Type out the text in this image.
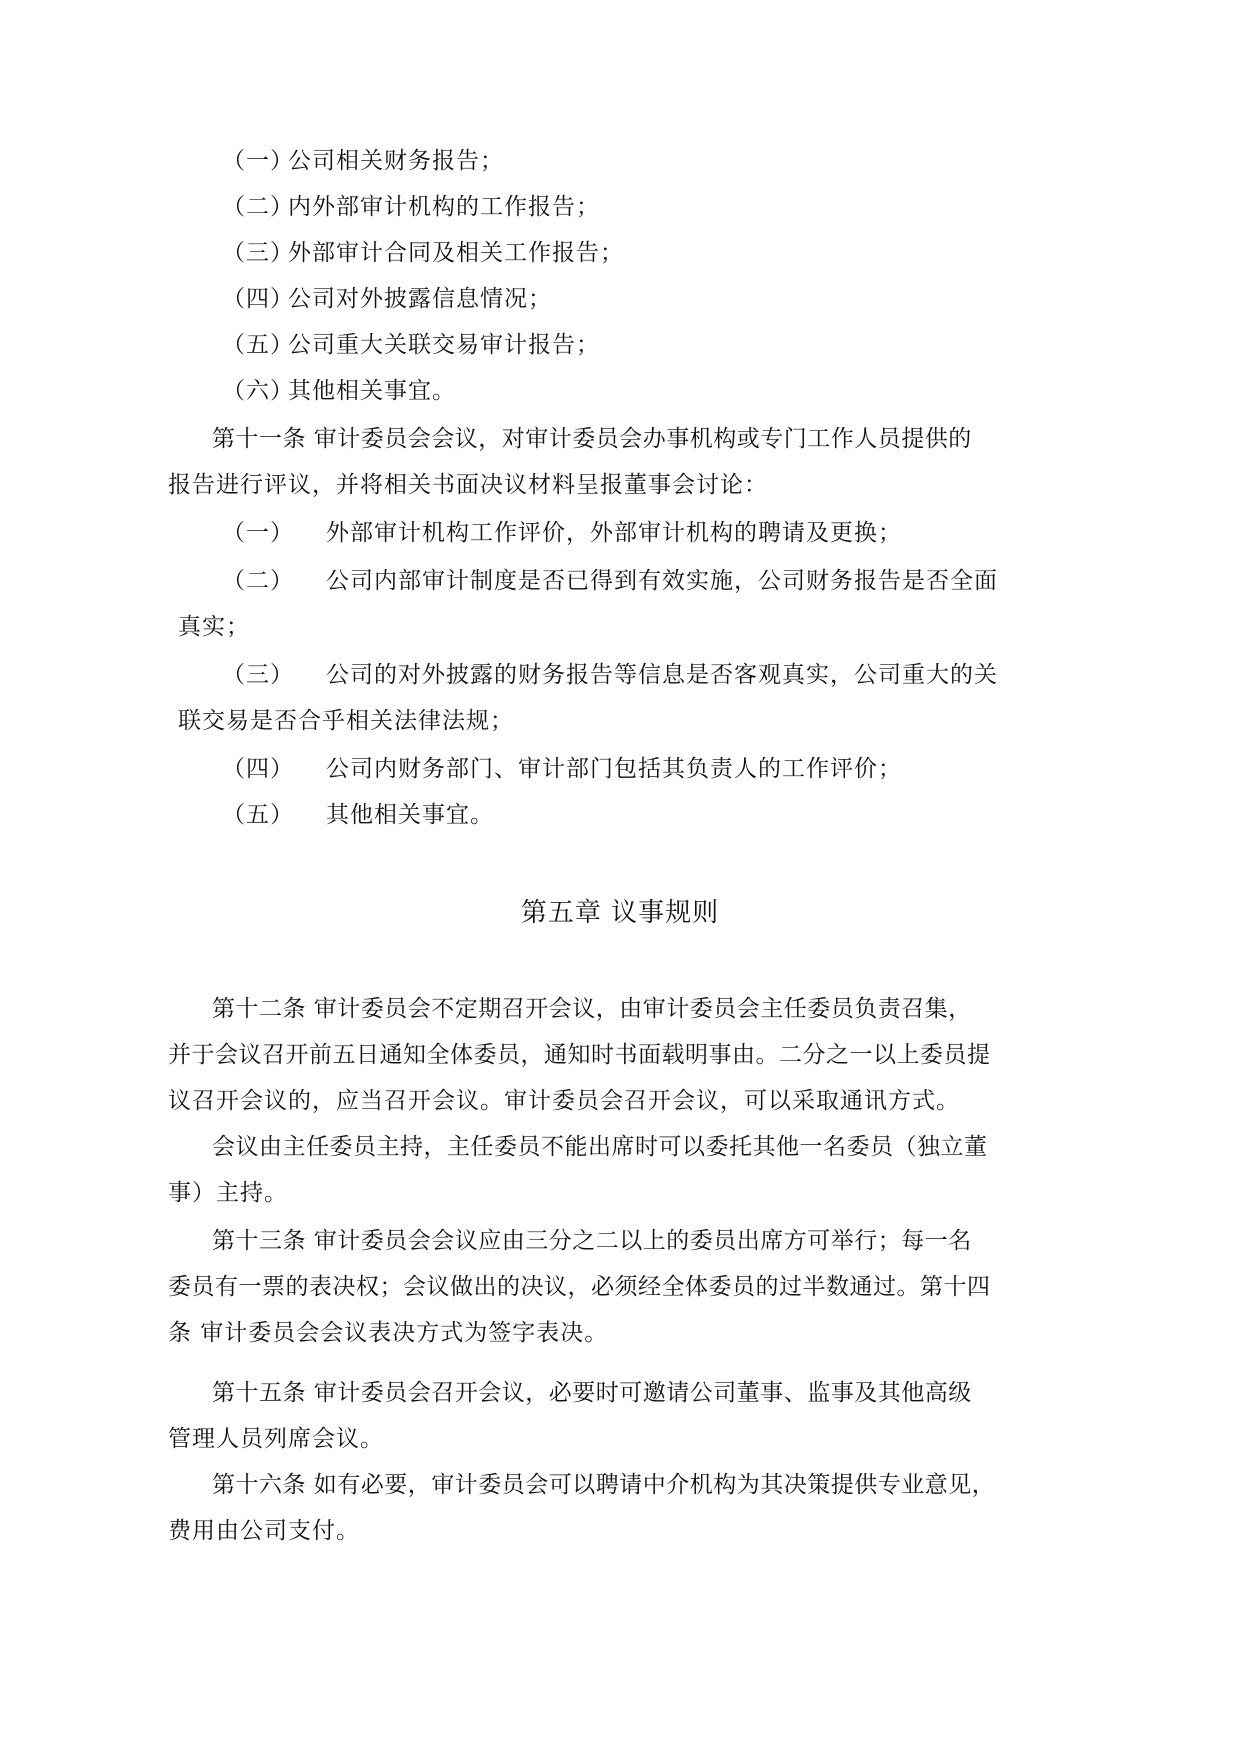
（一）公司相关财务报告；
（二）内外部审计机构的工作报告；
（三）外部审计合同及相关工作报告；
（四）公司对外披露信息情况；
（五）公司重大关联交易审计报告；
（六）其他相关事宜。
第十一条 审计委员会会议，对审计委员会办事机构或专门工作人员提供的
报告进行评议，并将相关书面决议材料呈报董事会讨论：
（一） 外部审计机构工作评价，外部审计机构的聘请及更换；
（二） 公司内部审计制度是否已得到有效实施，公司财务报告是否全面
真实；
（三） 公司的对外披露的财务报告等信息是否客观真实，公司重大的关
联交易是否合乎相关法律法规；
（四） 公司内财务部门、审计部门包括其负责人的工作评价；
（五） 其他相关事宜。
第五章 议事规则
第十二条 审计委员会不定期召开会议，由审计委员会主任委员负责召集，
并于会议召开前五日通知全体委员，通知时书面载明事由。二分之一以上委员提
议召开会议的，应当召开会议。审计委员会召开会议，可以采取通讯方式。
会议由主任委员主持，主任委员不能出席时可以委托其他一名委员（独立董
事）主持。
第十三条 审计委员会会议应由三分之二以上的委员出席方可举行；每一名
委员有一票的表决权；会议做出的决议，必须经全体委员的过半数通过。第十四
条 审计委员会会议表决方式为签字表决。
第十五条 审计委员会召开会议，必要时可邀请公司董事、监事及其他高级
管理人员列席会议。
第十六条 如有必要，审计委员会可以聘请中介机构为其决策提供专业意见，
费用由公司支付。
